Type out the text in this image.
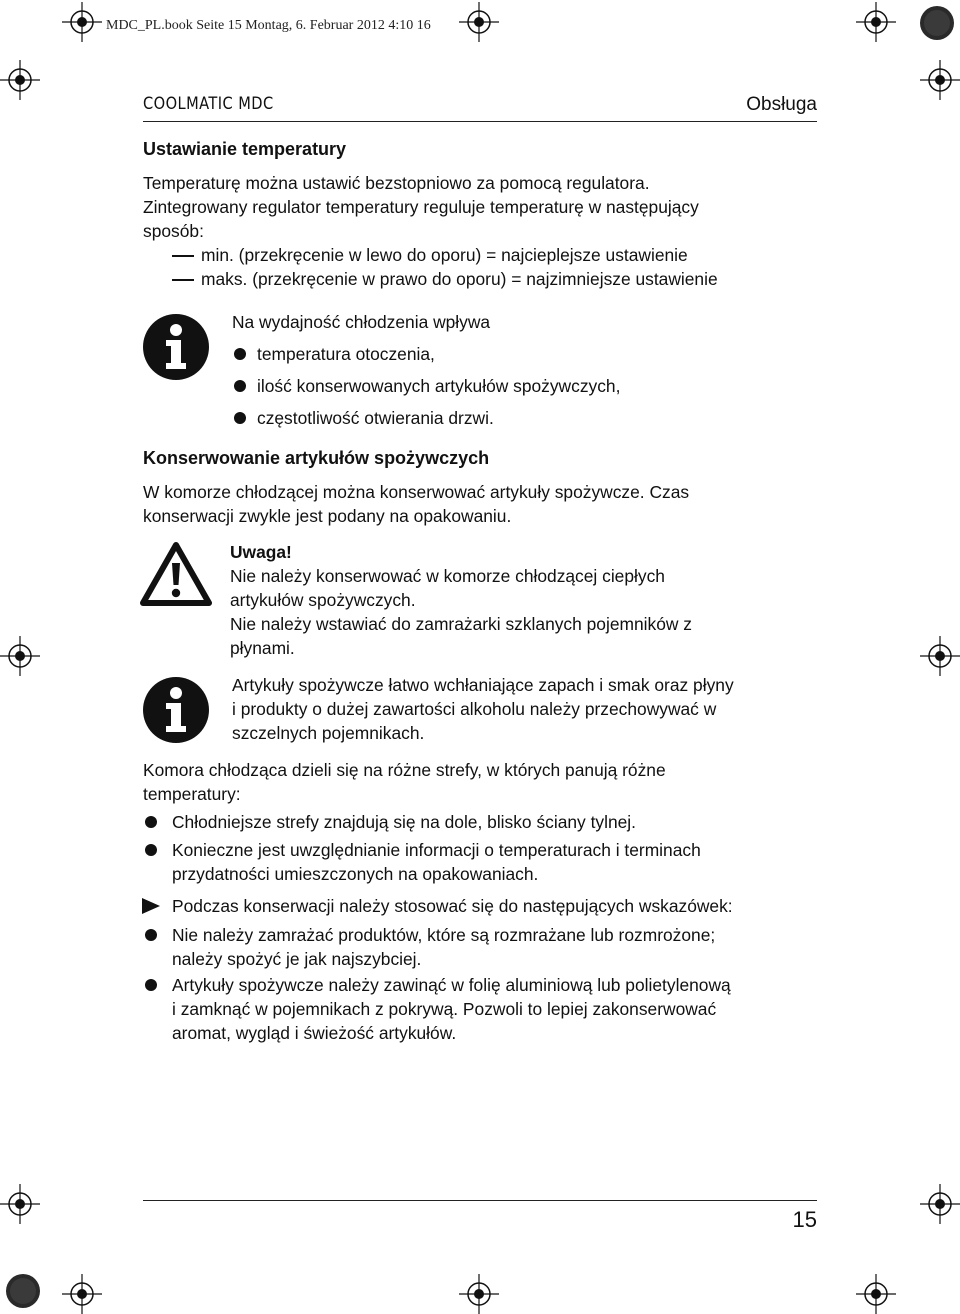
MDC_PL.book Seite 15 Montag, 6. Februar 2012 4:10 16
COOLMATIC MDC	Obsługa
Ustawianie temperatury
Temperaturę można ustawić bezstopniowo za pomocą regulatora.
Zintegrowany regulator temperatury reguluje temperaturę w następujący
sposób:
min. (przekręcenie w lewo do oporu) = najcieplejsze ustawienie
maks. (przekręcenie w prawo do oporu) = najzimniejsze ustawienie
Na wydajność chłodzenia wpływa
temperatura otoczenia,
ilość konserwowanych artykułów spożywczych,
częstotliwość otwierania drzwi.
Konserwowanie artykułów spożywczych
W komorze chłodzącej można konserwować artykuły spożywcze. Czas
konserwacji zwykle jest podany na opakowaniu.
Uwaga!
Nie należy konserwować w komorze chłodzącej ciepłych
artykułów spożywczych.
Nie należy wstawiać do zamrażarki szklanych pojemników z
płynami.
Artykuły spożywcze łatwo wchłaniające zapach i smak oraz płyny
i produkty o dużej zawartości alkoholu należy przechowywać w
szczelnych pojemnikach.
Komora chłodząca dzieli się na różne strefy, w których panują różne
temperatury:
Chłodniejsze strefy znajdują się na dole, blisko ściany tylnej.
Konieczne jest uwzględnianie informacji o temperaturach i terminach
przydatności umieszczonych na opakowaniach.
Podczas konserwacji należy stosować się do następujących wskazówek:
Nie należy zamrażać produktów, które są rozmrażane lub rozmrożone;
należy spożyć je jak najszybciej.
Artykuły spożywcze należy zawinąć w folię aluminiową lub polietylenową
i zamknąć w pojemnikach z pokrywą. Pozwoli to lepiej zakonserwować
aromat, wygląd i świeżość artykułów.
15
